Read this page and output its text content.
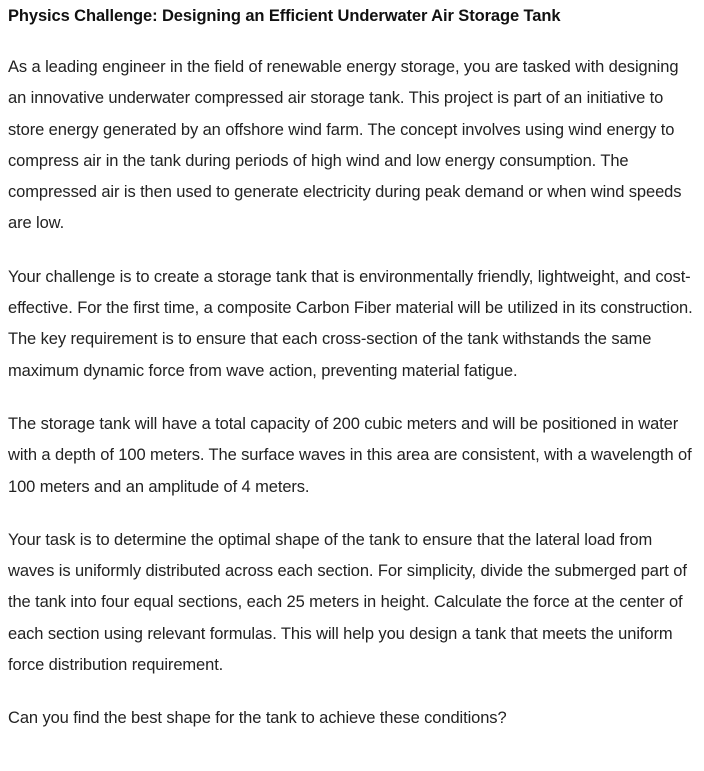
Physics Challenge: Designing an Efficient Underwater Air Storage Tank

As a leading engineer in the field of renewable energy storage, you are tasked with designing an innovative underwater compressed air storage tank. This project is part of an initiative to store energy generated by an offshore wind farm. The concept involves using wind energy to compress air in the tank during periods of high wind and low energy consumption. The compressed air is then used to generate electricity during peak demand or when wind speeds are low.

Your challenge is to create a storage tank that is environmentally friendly, lightweight, and cost-effective. For the first time, a composite Carbon Fiber material will be utilized in its construction. The key requirement is to ensure that each cross-section of the tank withstands the same maximum dynamic force from wave action, preventing material fatigue.

The storage tank will have a total capacity of 200 cubic meters and will be positioned in water with a depth of 100 meters. The surface waves in this area are consistent, with a wavelength of 100 meters and an amplitude of 4 meters.

Your task is to determine the optimal shape of the tank to ensure that the lateral load from waves is uniformly distributed across each section. For simplicity, divide the submerged part of the tank into four equal sections, each 25 meters in height. Calculate the force at the center of each section using relevant formulas. This will help you design a tank that meets the uniform force distribution requirement.

Can you find the best shape for the tank to achieve these conditions?
